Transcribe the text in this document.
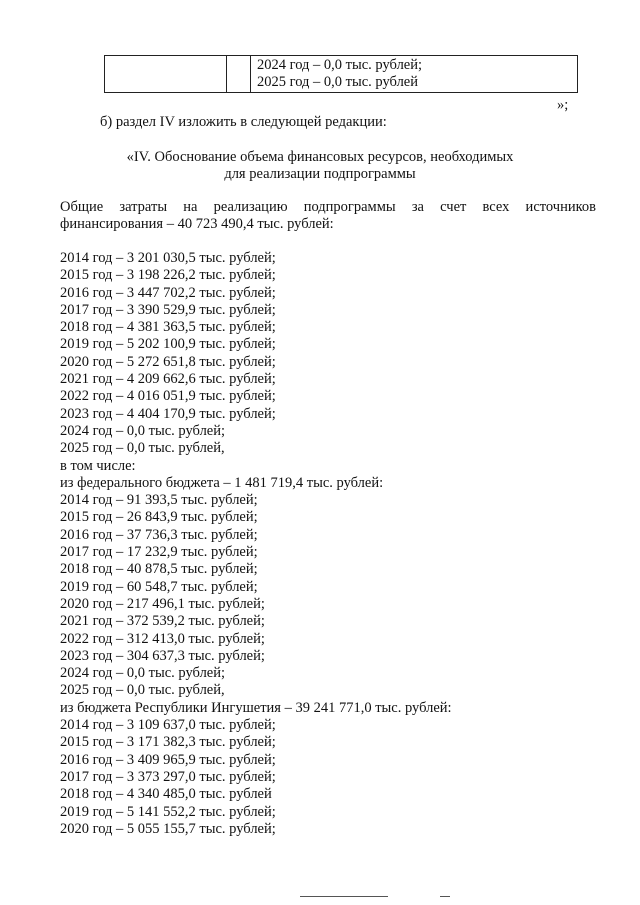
2024 год – 0,0 тыс. рублей;
2025 год – 0,0 тыс. рублей
»;
б) раздел IV изложить в следующей редакции:
«IV. Обоснование объема финансовых ресурсов, необходимых
для реализации подпрограммы
Общие затраты на реализацию подпрограммы за счет всех источников
финансирования – 40 723 490,4 тыс. рублей:
2014 год – 3 201 030,5 тыс. рублей;
2015 год – 3 198 226,2 тыс. рублей;
2016 год – 3 447 702,2 тыс. рублей;
2017 год – 3 390 529,9 тыс. рублей;
2018 год – 4 381 363,5 тыс. рублей;
2019 год – 5 202 100,9 тыс. рублей;
2020 год – 5 272 651,8 тыс. рублей;
2021 год – 4 209 662,6 тыс. рублей;
2022 год – 4 016 051,9 тыс. рублей;
2023 год – 4 404 170,9 тыс. рублей;
2024 год – 0,0 тыс. рублей;
2025 год – 0,0 тыс. рублей,
в том числе:
из федерального бюджета – 1 481 719,4 тыс. рублей:
2014 год – 91 393,5 тыс. рублей;
2015 год – 26 843,9 тыс. рублей;
2016 год – 37 736,3 тыс. рублей;
2017 год – 17 232,9 тыс. рублей;
2018 год – 40 878,5 тыс. рублей;
2019 год – 60 548,7 тыс. рублей;
2020 год – 217 496,1 тыс. рублей;
2021 год – 372 539,2 тыс. рублей;
2022 год – 312 413,0 тыс. рублей;
2023 год – 304 637,3 тыс. рублей;
2024 год – 0,0 тыс. рублей;
2025 год – 0,0 тыс. рублей,
из бюджета Республики Ингушетия – 39 241 771,0 тыс. рублей:
2014 год – 3 109 637,0 тыс. рублей;
2015 год – 3 171 382,3 тыс. рублей;
2016 год – 3 409 965,9 тыс. рублей;
2017 год – 3 373 297,0 тыс. рублей;
2018 год – 4 340 485,0 тыс. рублей
2019 год – 5 141 552,2 тыс. рублей;
2020 год – 5 055 155,7 тыс. рублей;
